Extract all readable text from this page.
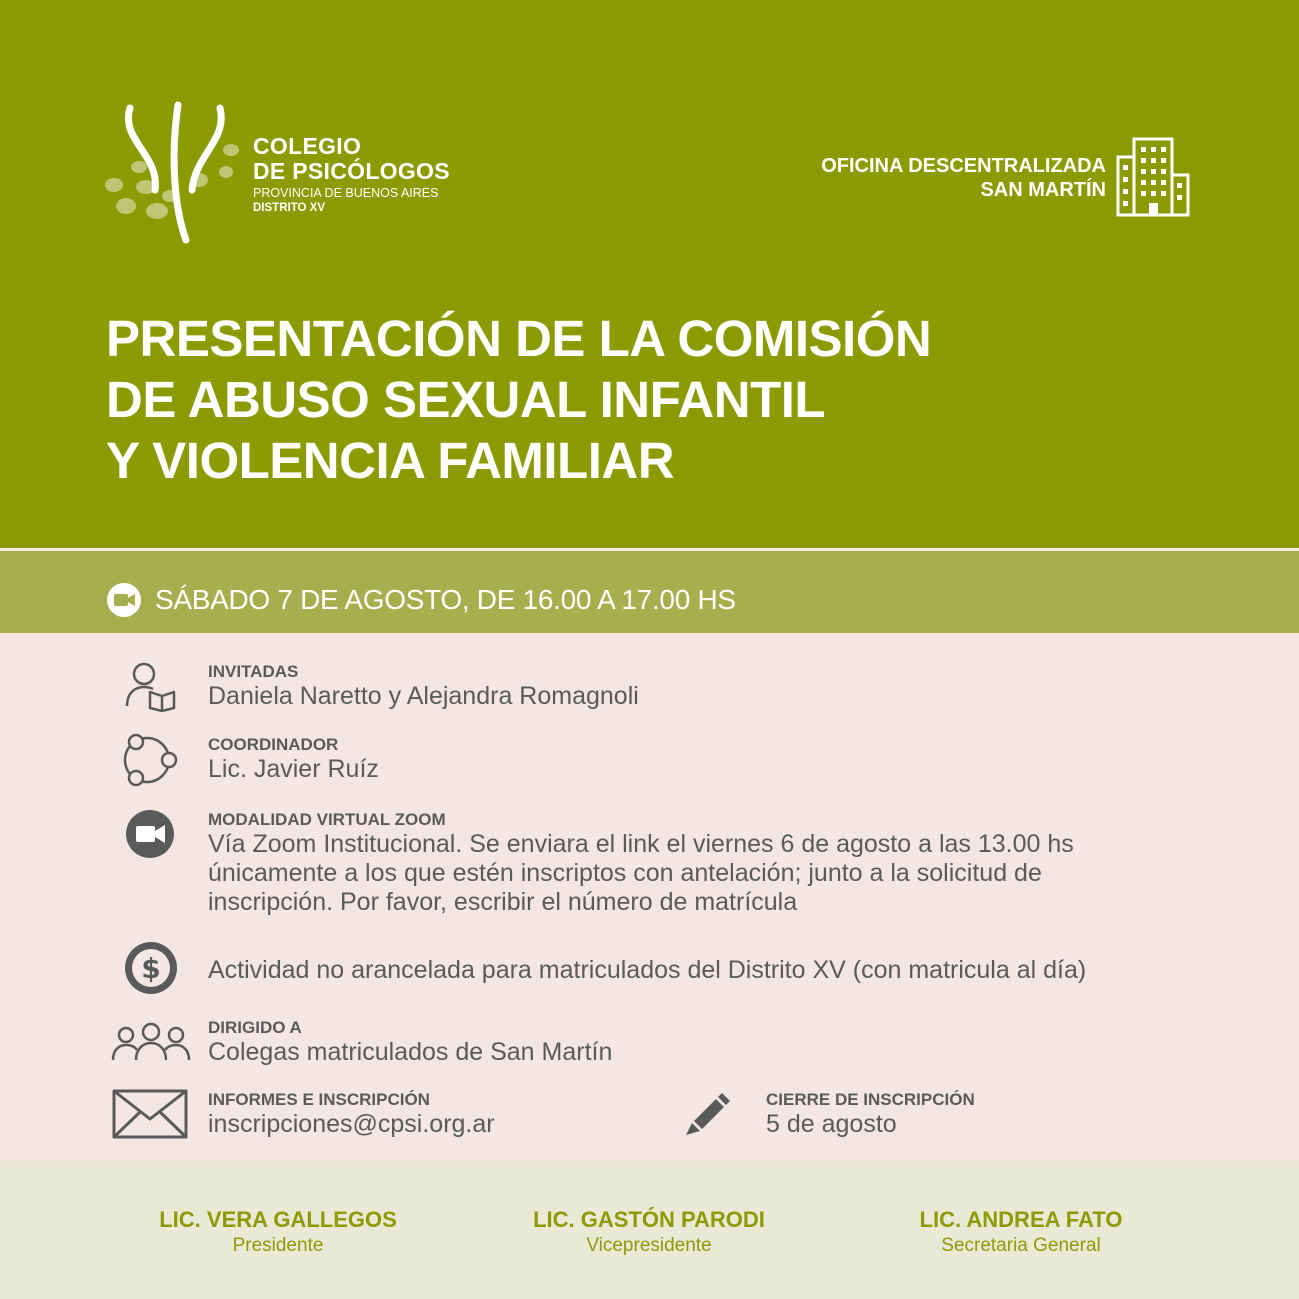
COLEGIO
DE PSICÓLOGOS
PROVINCIA DE BUENOS AIRES
DISTRITO XV
OFICINA DESCENTRALIZADA
SAN MARTÍN
PRESENTACIÓN DE LA COMISIÓN
DE ABUSO SEXUAL INFANTIL
Y VIOLENCIA FAMILIAR
SÁBADO 7 DE AGOSTO, DE 16.00 A 17.00 HS
INVITADAS
Daniela Naretto y Alejandra Romagnoli
COORDINADOR
Lic. Javier Ruíz
MODALIDAD VIRTUAL ZOOM
Vía Zoom Institucional. Se enviara el link el viernes 6 de agosto a las 13.00 hs
únicamente a los que estén inscriptos con antelación; junto a la solicitud de
inscripción. Por favor, escribir el número de matrícula
$ Actividad no arancelada para matriculados del Distrito XV (con matricula al día)
DIRIGIDO A
Colegas matriculados de San Martín
INFORMES E INSCRIPCIÓN
inscripciones@cpsi.org.ar
CIERRE DE INSCRIPCIÓN
5 de agosto
LIC. VERA GALLEGOS
Presidente
LIC. GASTÓN PARODI
Vicepresidente
LIC. ANDREA FATO
Secretaria General
